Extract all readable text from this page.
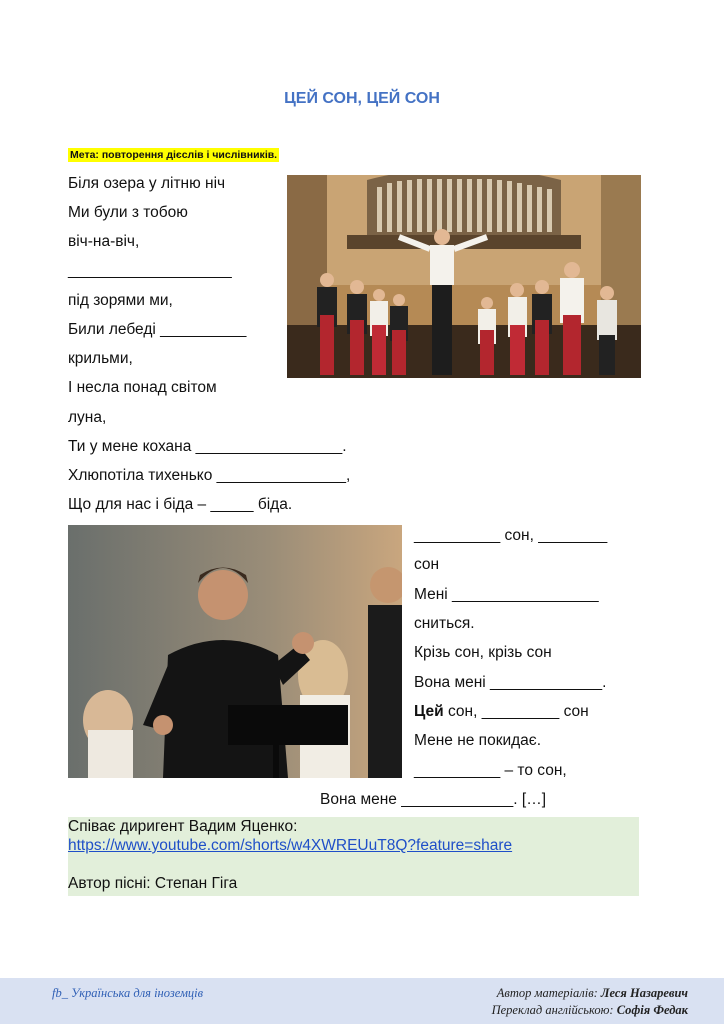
ЦЕЙ СОН, ЦЕЙ СОН
Мета: повторення дієслів і числівників.
Біля озера у літню ніч
Ми були з тобою
віч-на-віч,
___________________
під зорями ми,
Били лебеді __________
крильми,
І несла понад світом
луна,
Ти у мене кохана _________________.
Хлюпотіла тихенько _______________,
Що для нас і біда – _____ біда.
__________ сон, ________
сон
Мені _________________
сниться.
Крізь сон, крізь сон
Вона мені _____________.
Цей сон, _________ сон
Мене не покидає.
__________ – то сон,
Вона мене _____________. […]
Співає диригент Вадим Яценко:
https://www.youtube.com/shorts/w4XWREUuT8Q?feature=share
Автор пісні: Степан Гіга
fb_ Українська для іноземців	Автор матеріалів: Леся Назаревич
Переклад англійською: Софія Федак
